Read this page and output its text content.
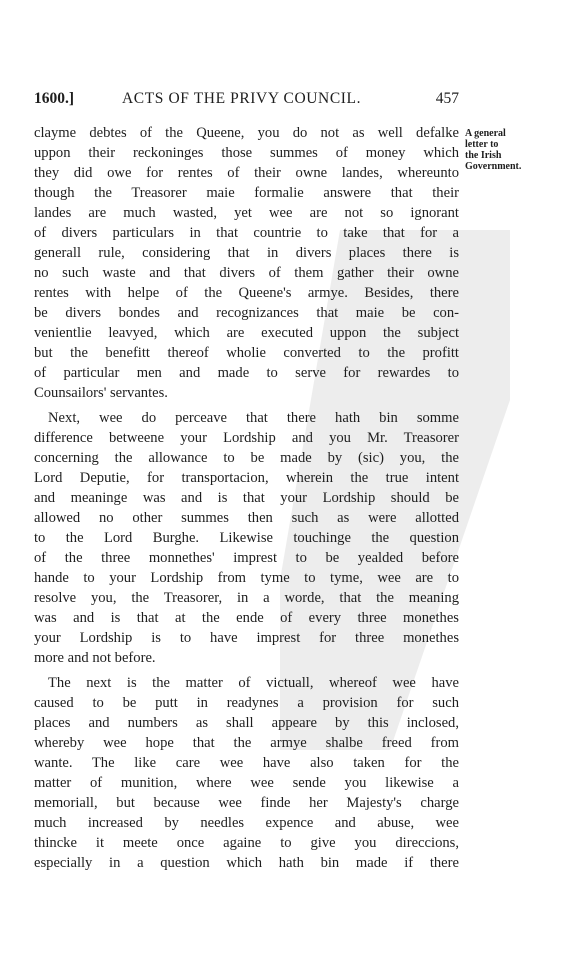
1600.]	ACTS OF THE PRIVY COUNCIL.	457
A general
letter to
the Irish
Government.
clayme debtes of the Queene, you do not as well defalke
uppon their reckoninges those summes of money which
they did owe for rentes of their owne landes, whereunto
though the Treasorer maie formalie answere that their
landes are much wasted, yet wee are not so ignorant
of divers particulars in that countrie to take that for a
generall rule, considering that in divers places there is
no such waste and that divers of them gather their owne
rentes with helpe of the Queene's armye. Besides, there
be divers bondes and recognizances that maie be con-
venientlie leavyed, which are executed uppon the subject
but the benefitt thereof wholie converted to the profitt
of particular men and made to serve for rewardes to
Counsailors' servantes.
Next, wee do perceave that there hath bin somme
difference betweene your Lordship and you Mr. Treasorer
concerning the allowance to be made by (sic) you, the
Lord Deputie, for transportacion, wherein the true intent
and meaninge was and is that your Lordship should be
allowed no other summes then such as were allotted
to the Lord Burghe. Likewise touchinge the question
of the three monnethes' imprest to be yealded before
hande to your Lordship from tyme to tyme, wee are to
resolve you, the Treasorer, in a worde, that the meaning
was and is that at the ende of every three monethes
your Lordship is to have imprest for three monethes
more and not before.
The next is the matter of victuall, whereof wee have
caused to be putt in readynes a provision for such
places and numbers as shall appeare by this inclosed,
whereby wee hope that the armye shalbe freed from
wante. The like care wee have also taken for the
matter of munition, where wee sende you likewise a
memoriall, but because wee finde her Majesty's charge
much increased by needles expence and abuse, wee
thincke it meete once againe to give you direccions,
especially in a question which hath bin made if there
